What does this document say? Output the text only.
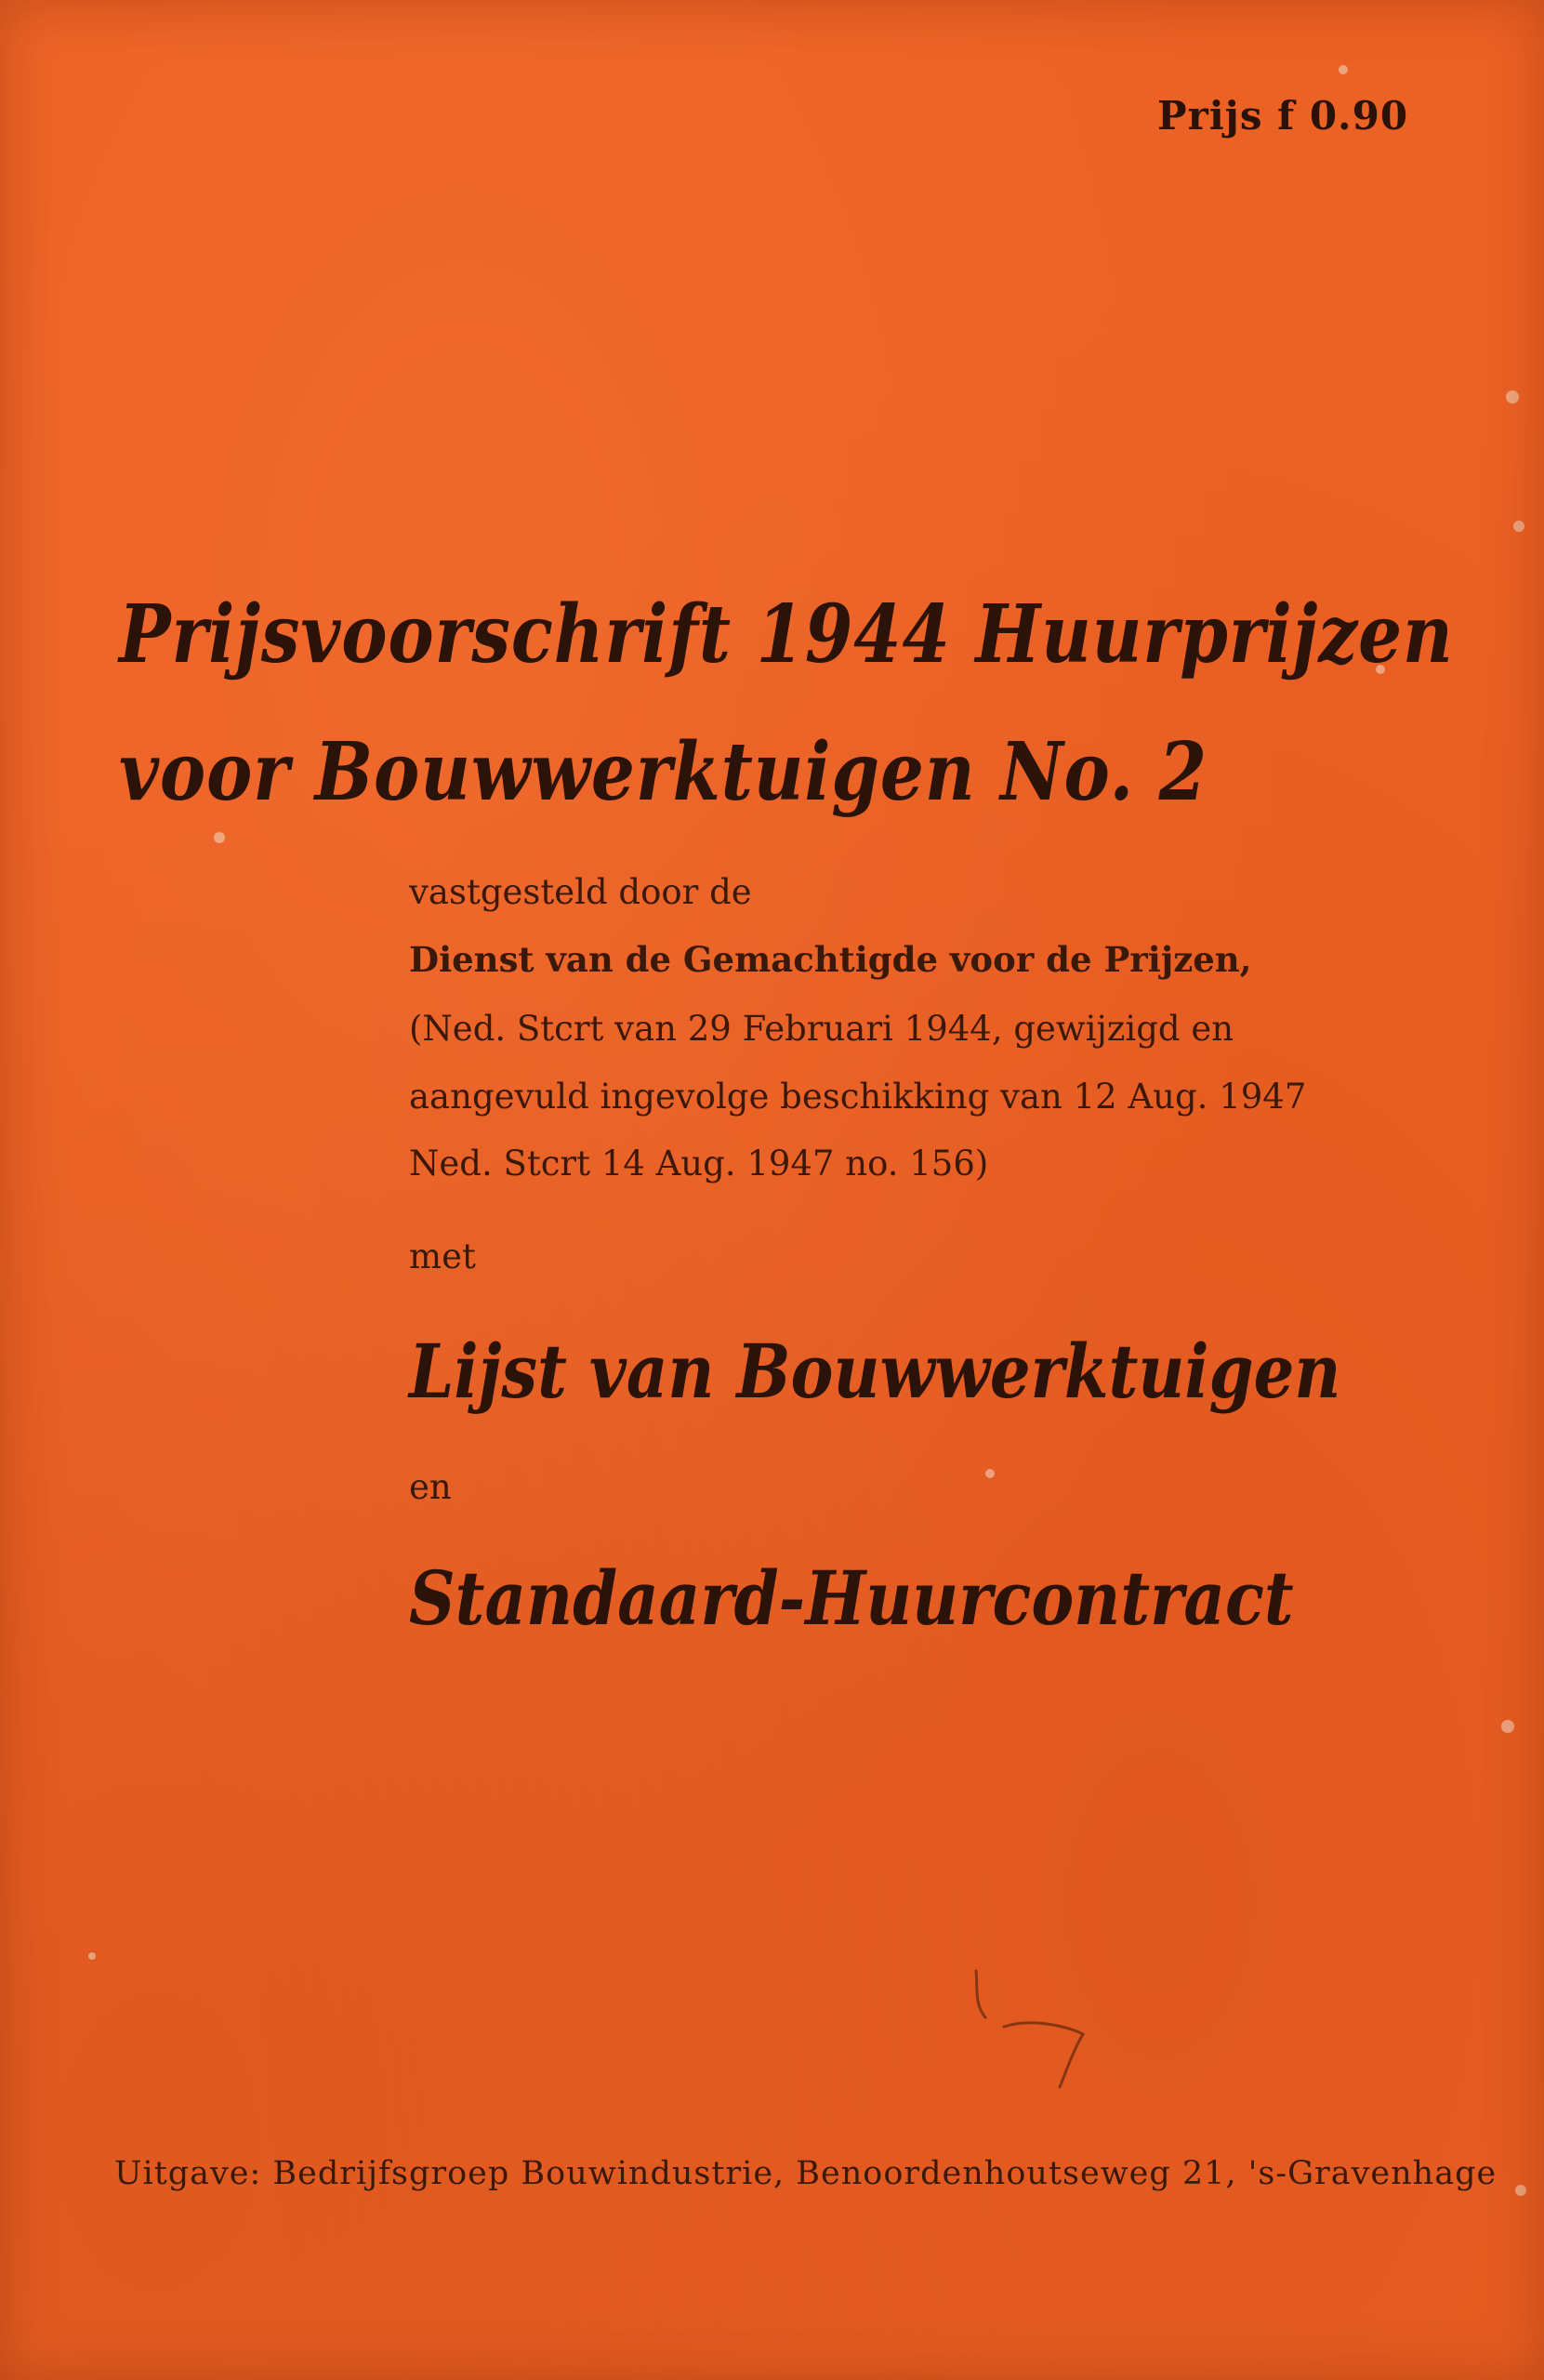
Prijs f 0.90
Prijsvoorschrift 1944 Huurprijzen
voor Bouwwerktuigen No. 2
vastgesteld door de
Dienst van de Gemachtigde voor de Prijzen,
(Ned. Stcrt van 29 Februari 1944, gewijzigd en
aangevuld ingevolge beschikking van 12 Aug. 1947
Ned. Stcrt 14 Aug. 1947 no. 156)
met
Lijst van Bouwwerktuigen
en
Standaard-Huurcontract
Uitgave: Bedrijfsgroep Bouwindustrie, Benoordenhoutseweg 21, 's-Gravenhage
